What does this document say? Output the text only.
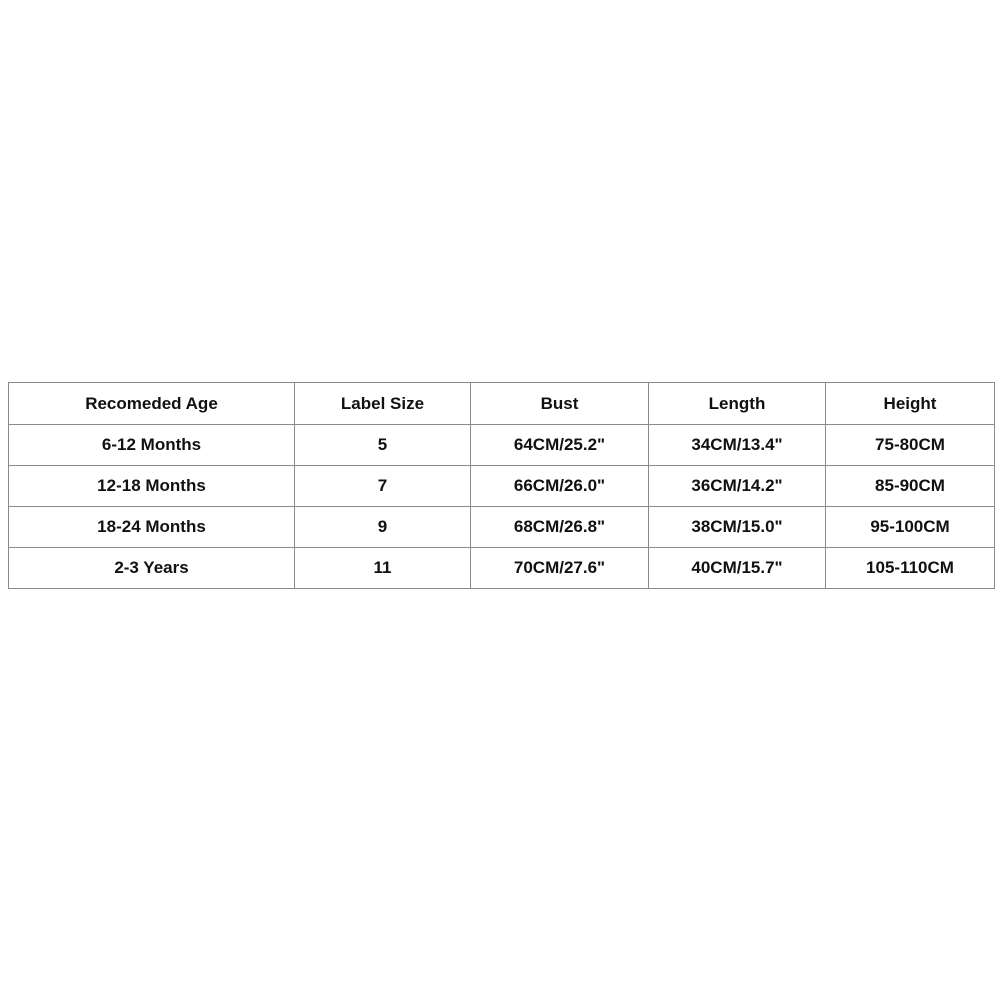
Recomeded Age	Label Size	Bust	Length	Height
6-12 Months	5	64CM/25.2"	34CM/13.4"	75-80CM
12-18 Months	7	66CM/26.0"	36CM/14.2"	85-90CM
18-24 Months	9	68CM/26.8"	38CM/15.0"	95-100CM
2-3 Years	11	70CM/27.6"	40CM/15.7"	105-110CM
